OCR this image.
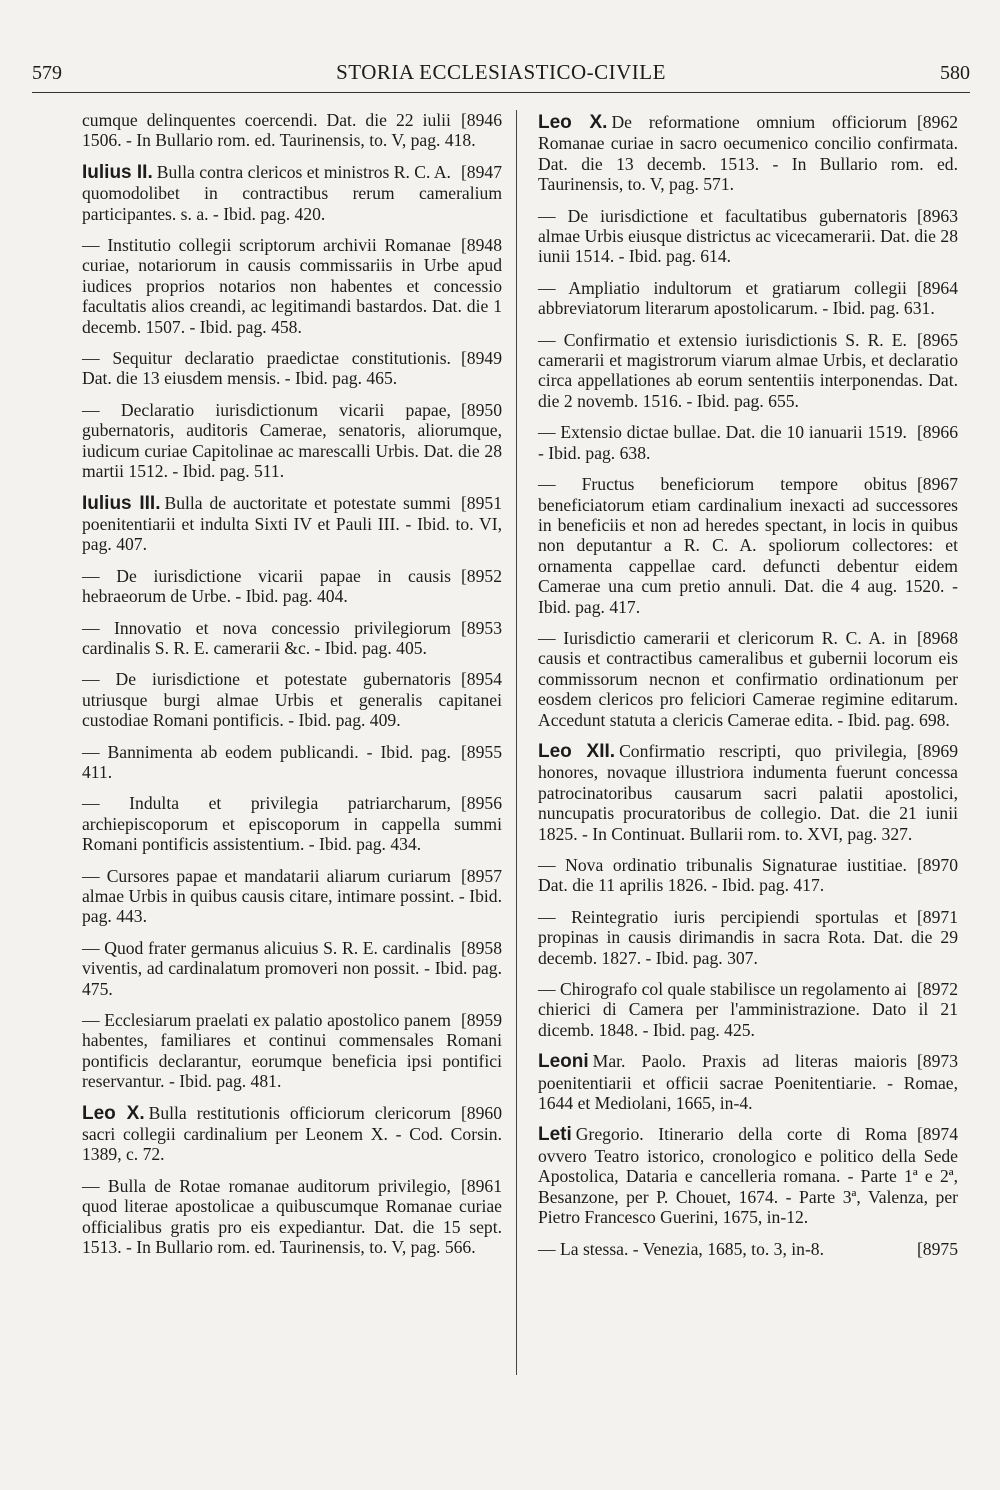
579	STORIA ECCLESIASTICO-CIVILE	580

[8946
cumque delinquentes coercendi. Dat. die 22 iulii 1506. - In Bullario rom. ed. Taurinensis, to. V, pag. 418.

[8947
Iulius II. Bulla contra clericos et ministros R. C. A. quomodolibet in contractibus rerum cameralium participantes. s. a. - Ibid. pag. 420.

[8948
— Institutio collegii scriptorum archivii Romanae curiae, notariorum in causis commissariis in Urbe apud iudices proprios notarios non habentes et concessio facultatis alios creandi, ac legitimandi bastardos. Dat. die 1 decemb. 1507. - Ibid. pag. 458.

[8949
— Sequitur declaratio praedictae constitutionis. Dat. die 13 eiusdem mensis. - Ibid. pag. 465.

[8950
— Declaratio iurisdictionum vicarii papae, gubernatoris, auditoris Camerae, senatoris, aliorumque, iudicum curiae Capitolinae ac marescalli Urbis. Dat. die 28 martii 1512. - Ibid. pag. 511.

[8951
Iulius III. Bulla de auctoritate et potestate summi poenitentiarii et indulta Sixti IV et Pauli III. - Ibid. to. VI, pag. 407.

[8952
— De iurisdictione vicarii papae in causis hebraeorum de Urbe. - Ibid. pag. 404.

[8953
— Innovatio et nova concessio privilegiorum cardinalis S. R. E. camerarii &c. - Ibid. pag. 405.

[8954
— De iurisdictione et potestate gubernatoris utriusque burgi almae Urbis et generalis capitanei custodiae Romani pontificis. - Ibid. pag. 409.

[8955
— Bannimenta ab eodem publicandi. - Ibid. pag. 411.

[8956
— Indulta et privilegia patriarcharum, archiepiscoporum et episcoporum in cappella summi Romani pontificis assistentium. - Ibid. pag. 434.

[8957
— Cursores papae et mandatarii aliarum curiarum almae Urbis in quibus causis citare, intimare possint. - Ibid. pag. 443.

[8958
— Quod frater germanus alicuius S. R. E. cardinalis viventis, ad cardinalatum promoveri non possit. - Ibid. pag. 475.

[8959
— Ecclesiarum praelati ex palatio apostolico panem habentes, familiares et continui commensales Romani pontificis declarantur, eorumque beneficia ipsi pontifici reservantur. - Ibid. pag. 481.

[8960
Leo X. Bulla restitutionis officiorum clericorum sacri collegii cardinalium per Leonem X. - Cod. Corsin. 1389, c. 72.

[8961
— Bulla de Rotae romanae auditorum privilegio, quod literae apostolicae a quibuscumque Romanae curiae officialibus gratis pro eis expediantur. Dat. die 15 sept. 1513. - In Bullario rom. ed. Taurinensis, to. V, pag. 566.

[8962
Leo X. De reformatione omnium officiorum Romanae curiae in sacro oecumenico concilio confirmata. Dat. die 13 decemb. 1513. - In Bullario rom. ed. Taurinensis, to. V, pag. 571.

[8963
— De iurisdictione et facultatibus gubernatoris almae Urbis eiusque districtus ac vicecamerarii. Dat. die 28 iunii 1514. - Ibid. pag. 614.

[8964
— Ampliatio indultorum et gratiarum collegii abbreviatorum literarum apostolicarum. - Ibid. pag. 631.

[8965
— Confirmatio et extensio iurisdictionis S. R. E. camerarii et magistrorum viarum almae Urbis, et declaratio circa appellationes ab eorum sententiis interponendas. Dat. die 2 novemb. 1516. - Ibid. pag. 655.

[8966
— Extensio dictae bullae. Dat. die 10 ianuarii 1519. - Ibid. pag. 638.

[8967
— Fructus beneficiorum tempore obitus beneficiatorum etiam cardinalium inexacti ad successores in beneficiis et non ad heredes spectant, in locis in quibus non deputantur a R. C. A. spoliorum collectores: et ornamenta cappellae card. defuncti debentur eidem Camerae una cum pretio annuli. Dat. die 4 aug. 1520. - Ibid. pag. 417.

[8968
— Iurisdictio camerarii et clericorum R. C. A. in causis et contractibus cameralibus et gubernii locorum eis commissorum necnon et confirmatio ordinationum per eosdem clericos pro feliciori Camerae regimine editarum. Accedunt statuta a clericis Camerae edita. - Ibid. pag. 698.

[8969
Leo XII. Confirmatio rescripti, quo privilegia, honores, novaque illustriora indumenta fuerunt concessa patrocinatoribus causarum sacri palatii apostolici, nuncupatis procuratoribus de collegio. Dat. die 21 iunii 1825. - In Continuat. Bullarii rom. to. XVI, pag. 327.

[8970
— Nova ordinatio tribunalis Signaturae iustitiae. Dat. die 11 aprilis 1826. - Ibid. pag. 417.

[8971
— Reintegratio iuris percipiendi sportulas et propinas in causis dirimandis in sacra Rota. Dat. die 29 decemb. 1827. - Ibid. pag. 307.

[8972
— Chirografo col quale stabilisce un regolamento ai chierici di Camera per l'amministrazione. Dato il 21 dicemb. 1848. - Ibid. pag. 425.

[8973
Leoni Mar. Paolo. Praxis ad literas maioris poenitentiarii et officii sacrae Poenitentiarie. - Romae, 1644 et Mediolani, 1665, in-4.

[8974
Leti Gregorio. Itinerario della corte di Roma ovvero Teatro istorico, cronologico e politico della Sede Apostolica, Dataria e cancelleria romana. - Parte 1ª e 2ª, Besanzone, per P. Chouet, 1674. - Parte 3ª, Valenza, per Pietro Francesco Guerini, 1675, in-12.

[8975
— La stessa. - Venezia, 1685, to. 3, in-8.
